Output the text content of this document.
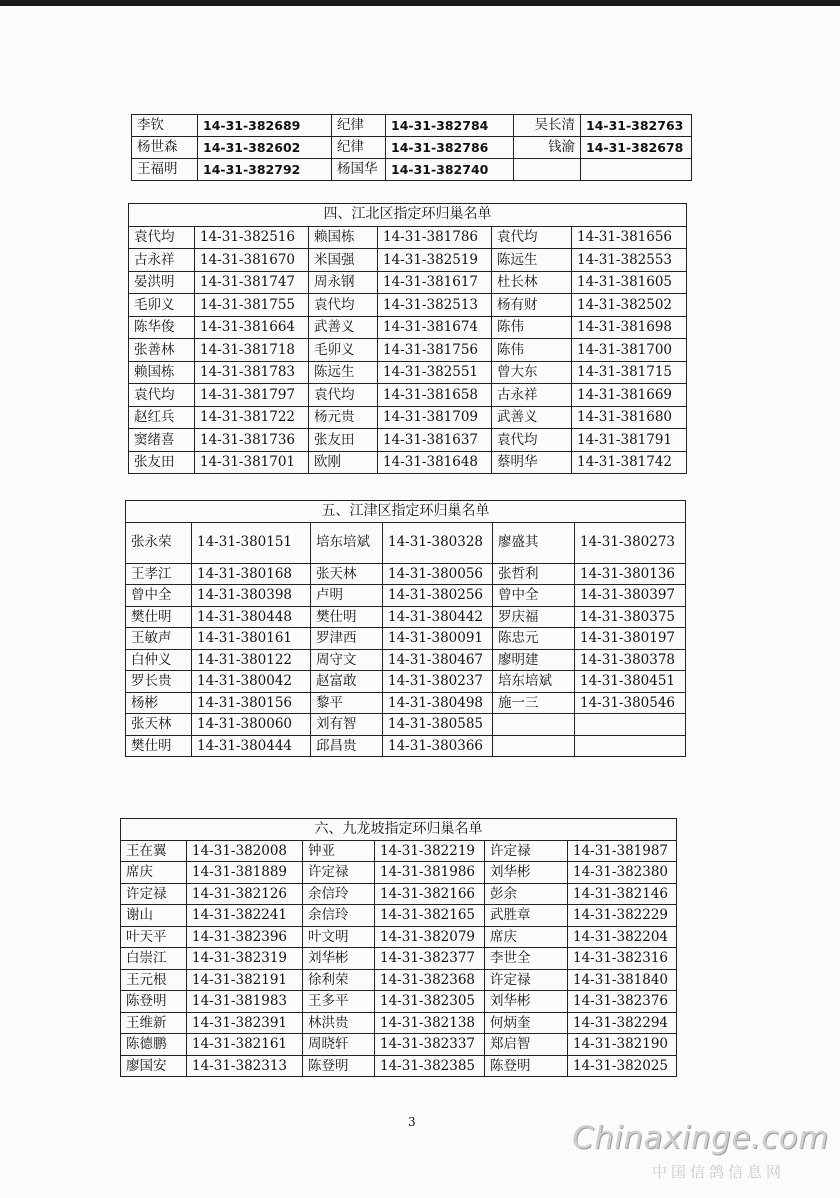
李钦	14-31-382689	纪律	14-31-382784	吴长清	14-31-382763
杨世森	14-31-382602	纪律	14-31-382786	钱渝	14-31-382678
王福明	14-31-382792	杨国华	14-31-382740		
四、江北区指定环归巢名单					
袁代均	14-31-382516	赖国栋	14-31-381786	袁代均	14-31-381656
古永祥	14-31-381670	米国强	14-31-382519	陈远生	14-31-382553
晏洪明	14-31-381747	周永钢	14-31-381617	杜长林	14-31-381605
毛卯义	14-31-381755	袁代均	14-31-382513	杨有财	14-31-382502
陈华俊	14-31-381664	武善义	14-31-381674	陈伟	14-31-381698
张善林	14-31-381718	毛卯义	14-31-381756	陈伟	14-31-381700
赖国栋	14-31-381783	陈远生	14-31-382551	曾大东	14-31-381715
袁代均	14-31-381797	袁代均	14-31-381658	古永祥	14-31-381669
赵红兵	14-31-381722	杨元贵	14-31-381709	武善义	14-31-381680
窦绪喜	14-31-381736	张友田	14-31-381637	袁代均	14-31-381791
张友田	14-31-381701	欧刚	14-31-381648	蔡明华	14-31-381742
五、江津区指定环归巢名单					
张永荣	14-31-380151	培东培斌	14-31-380328	廖盛其	14-31-380273
王孝江	14-31-380168	张天林	14-31-380056	张哲利	14-31-380136
曾中全	14-31-380398	卢明	14-31-380256	曾中全	14-31-380397
樊仕明	14-31-380448	樊仕明	14-31-380442	罗庆福	14-31-380375
王敏声	14-31-380161	罗津西	14-31-380091	陈忠元	14-31-380197
白仲义	14-31-380122	周守文	14-31-380467	廖明建	14-31-380378
罗长贵	14-31-380042	赵富敢	14-31-380237	培东培斌	14-31-380451
杨彬	14-31-380156	黎平	14-31-380498	施一三	14-31-380546
张天林	14-31-380060	刘有智	14-31-380585		
樊仕明	14-31-380444	邱昌贵	14-31-380366		
六、九龙坡指定环归巢名单					
王在翼	14-31-382008	钟亚	14-31-382219	许定禄	14-31-381987
席庆	14-31-381889	许定禄	14-31-381986	刘华彬	14-31-382380
许定禄	14-31-382126	余信玲	14-31-382166	彭余	14-31-382146
谢山	14-31-382241	余信玲	14-31-382165	武胜章	14-31-382229
叶天平	14-31-382396	叶文明	14-31-382079	席庆	14-31-382204
白崇江	14-31-382319	刘华彬	14-31-382377	李世全	14-31-382316
王元根	14-31-382191	徐利荣	14-31-382368	许定禄	14-31-381840
陈登明	14-31-381983	王多平	14-31-382305	刘华彬	14-31-382376
王维新	14-31-382391	林洪贵	14-31-382138	何炳奎	14-31-382294
陈德鹏	14-31-382161	周晓轩	14-31-382337	郑启智	14-31-382190
廖国安	14-31-382313	陈登明	14-31-382385	陈登明	14-31-382025
3	Chinaxinge.com
中国信鸽信息网
